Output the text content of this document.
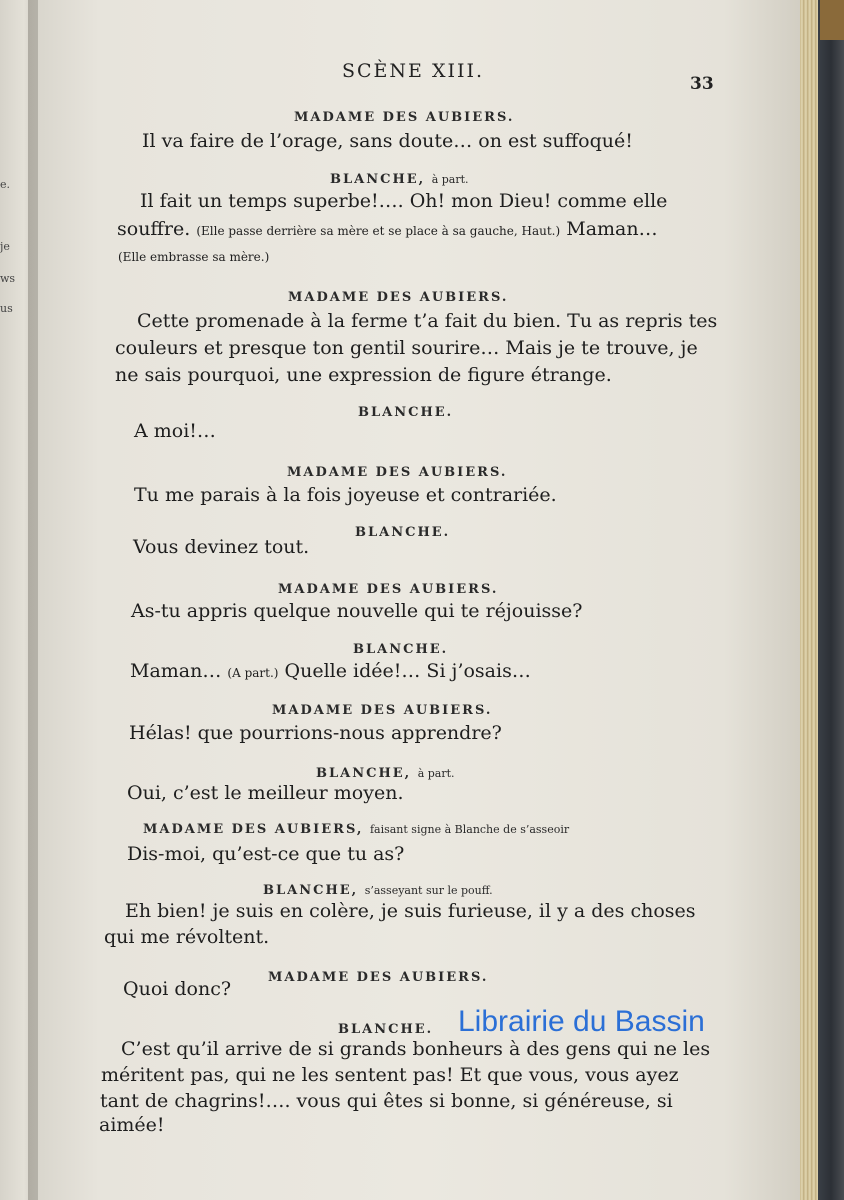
e.
je
ws
us
SCÈNE XIII.
33
MADAME DES AUBIERS.
Il va faire de l’orage, sans doute… on est suffoqué!
BLANCHE, à part.
Il fait un temps superbe!…. Oh! mon Dieu! comme elle
souffre. (Elle passe derrière sa mère et se place à sa gauche, Haut.) Maman…
(Elle embrasse sa mère.)
MADAME DES AUBIERS.
Cette promenade à la ferme t’a fait du bien. Tu as repris tes
couleurs et presque ton gentil sourire… Mais je te trouve, je
ne sais pourquoi, une expression de figure étrange.
BLANCHE.
A moi!…
MADAME DES AUBIERS.
Tu me parais à la fois joyeuse et contrariée.
BLANCHE.
Vous devinez tout.
MADAME DES AUBIERS.
As-tu appris quelque nouvelle qui te réjouisse?
BLANCHE.
Maman… (A part.) Quelle idée!… Si j’osais…
MADAME DES AUBIERS.
Hélas! que pourrions-nous apprendre?
BLANCHE, à part.
Oui, c’est le meilleur moyen.
MADAME DES AUBIERS, faisant signe à Blanche de s’asseoir
Dis-moi, qu’est-ce que tu as?
BLANCHE, s’asseyant sur le pouff.
Eh bien! je suis en colère, je suis furieuse, il y a des choses
qui me révoltent.
MADAME DES AUBIERS.
Quoi donc?
BLANCHE.
C’est qu’il arrive de si grands bonheurs à des gens qui ne les
méritent pas, qui ne les sentent pas! Et que vous, vous ayez
tant de chagrins!…. vous qui êtes si bonne, si généreuse, si
aimée!
Librairie du Bassin
